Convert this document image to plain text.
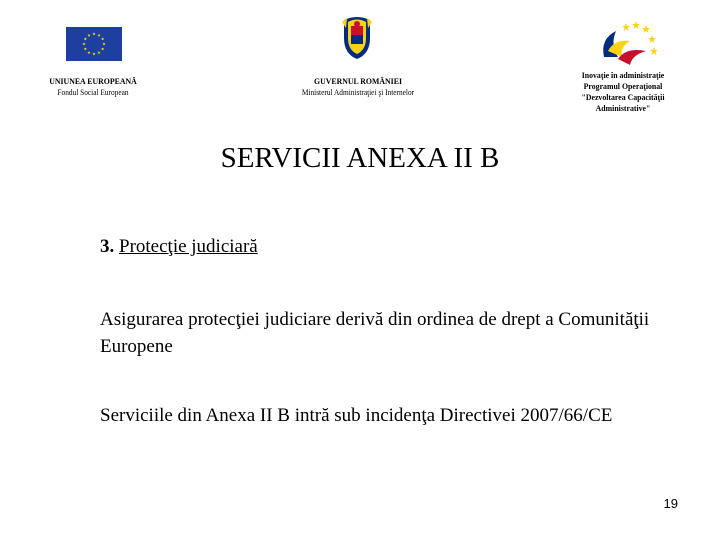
UNIUNEA EUROPEANĂ
Fondul Social European
GUVERNUL ROMÂNIEI
Ministerul Administraţiei şi Internelor
Inovaţie în administraţie
Programul Operaţional
"Dezvoltarea Capacităţii
Administrative"
SERVICII ANEXA II B
3. Protecţie judiciară
Asigurarea protecţiei judiciare derivă din ordinea de drept a Comunităţii Europene
Serviciile din Anexa II B intră sub incidenţa Directivei 2007/66/CE
19
